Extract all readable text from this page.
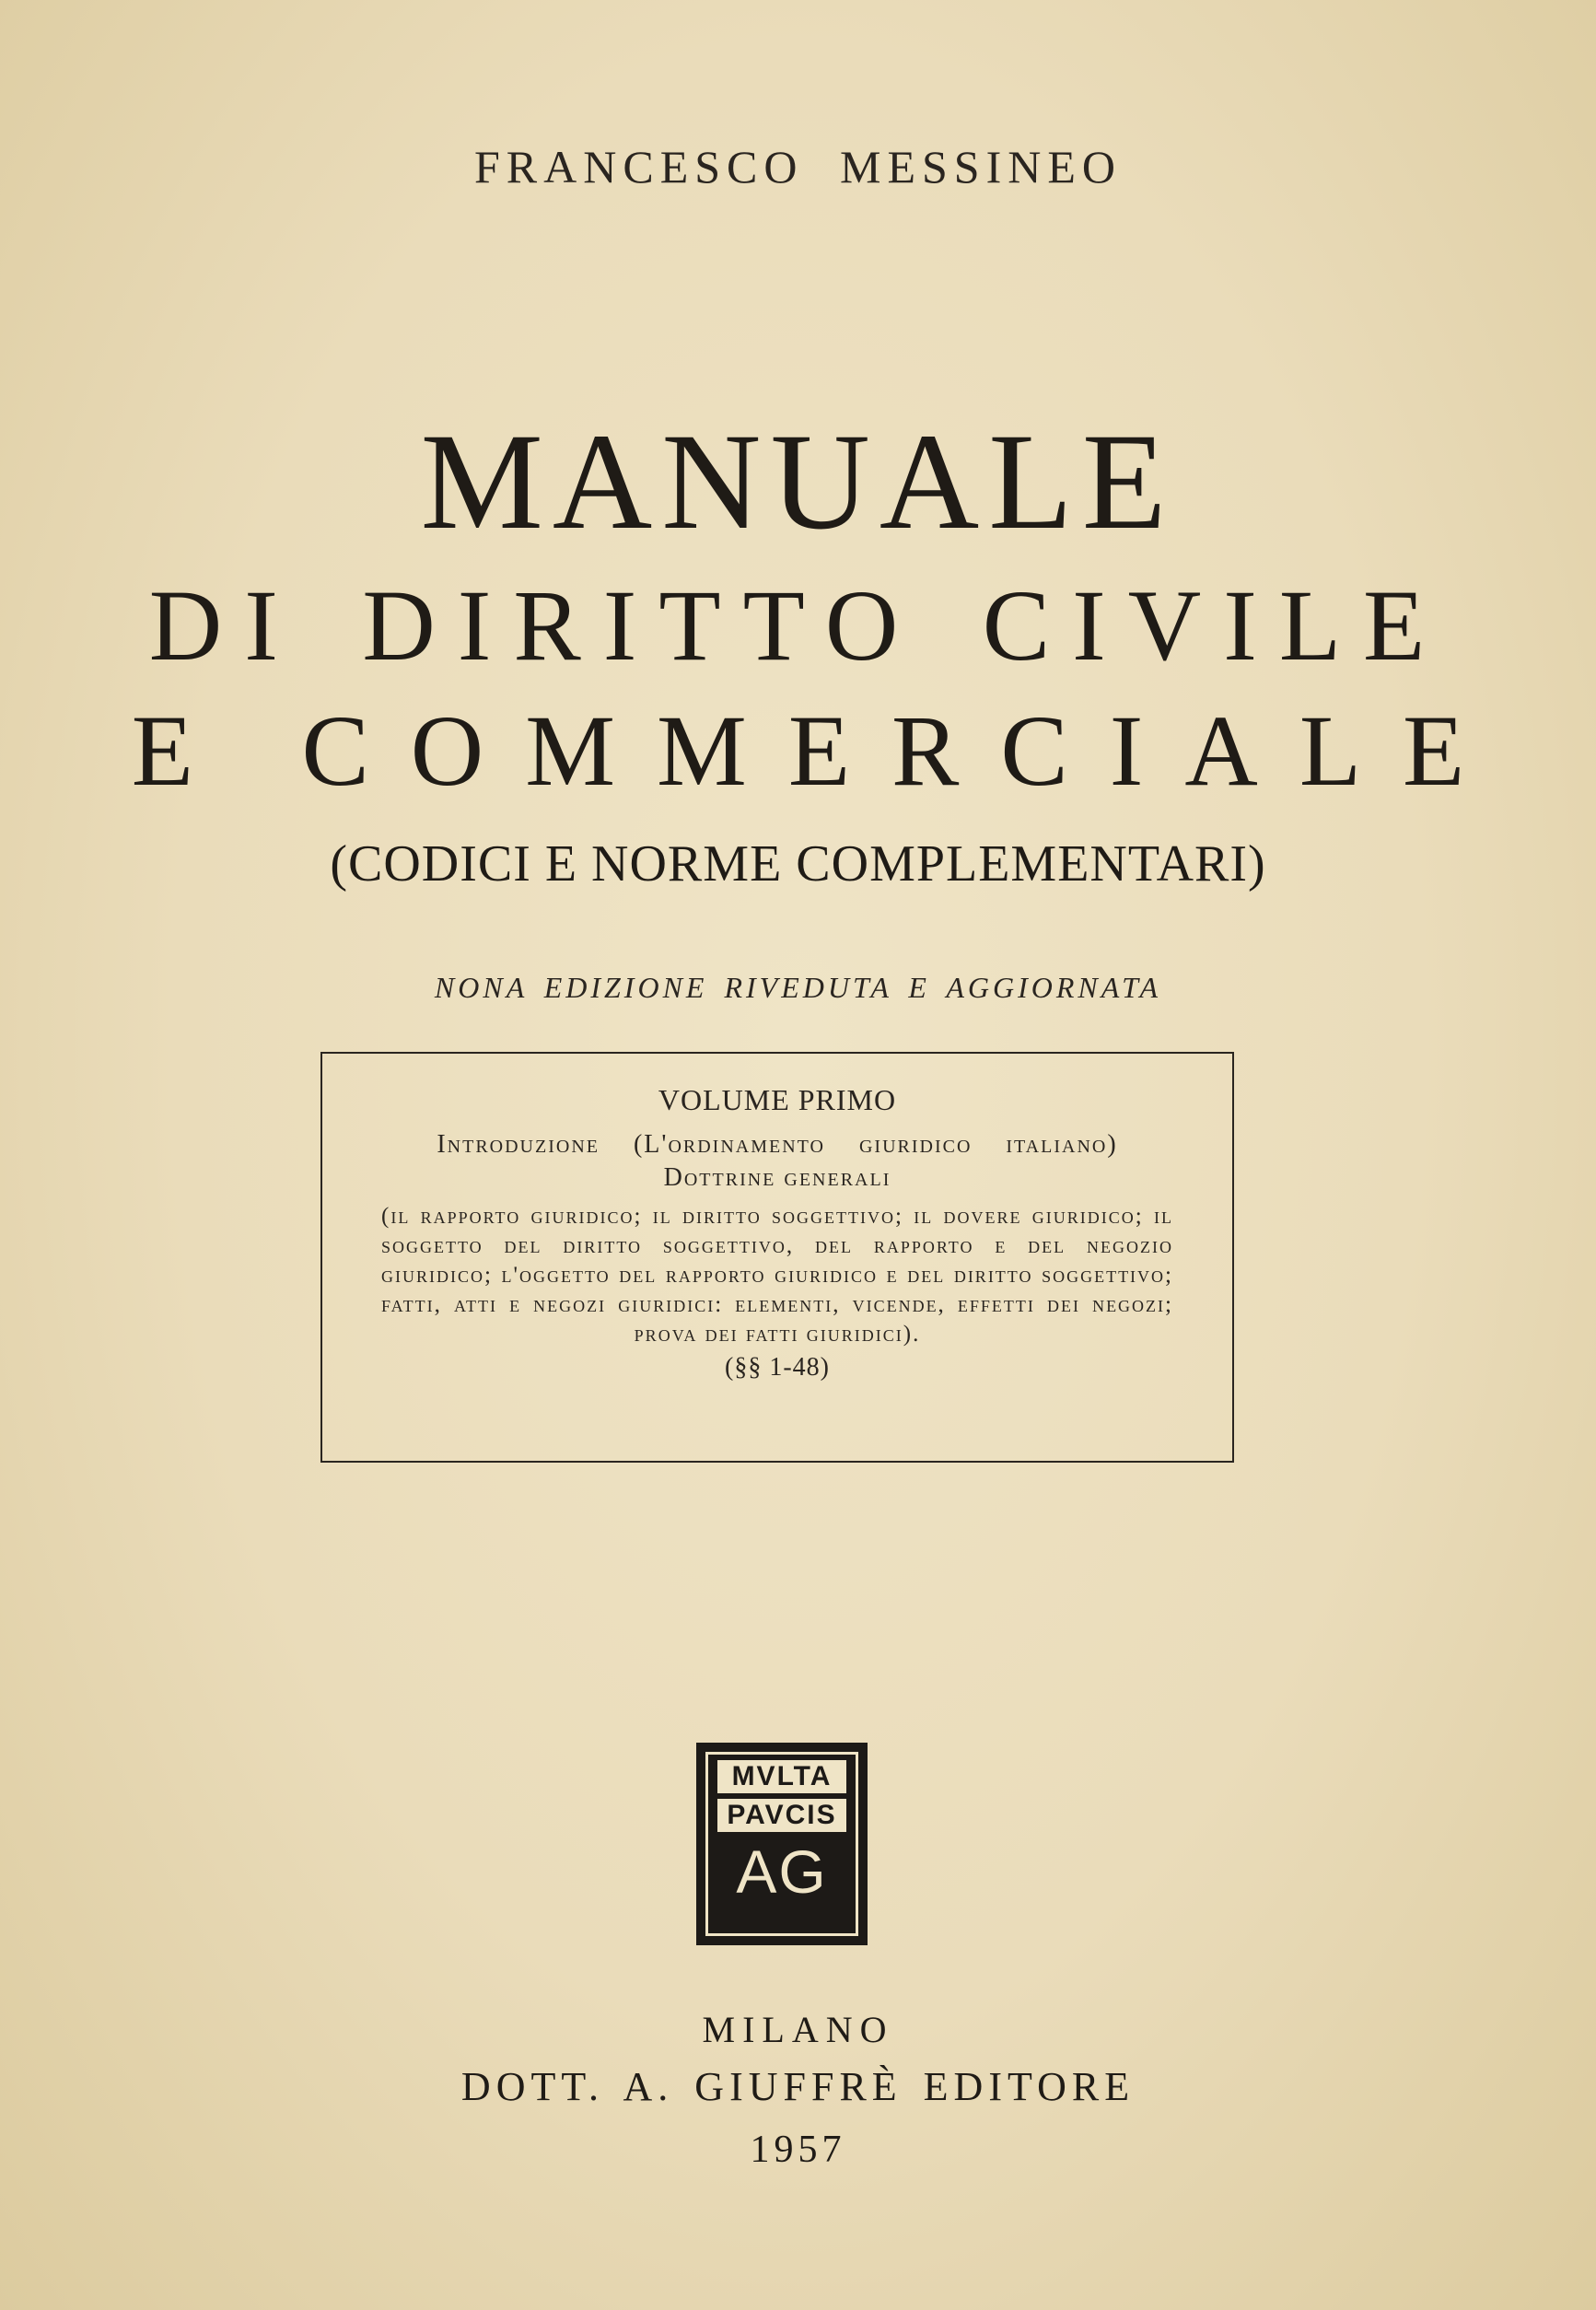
FRANCESCO MESSINEO
MANUALE
DI DIRITTO CIVILE
E COMMERCIALE
(CODICI E NORME COMPLEMENTARI)
NONA EDIZIONE RIVEDUTA E AGGIORNATA
VOLUME PRIMO
Introduzione (L'ordinamento giuridico italiano)
Dottrine generali
(il rapporto giuridico; il diritto soggettivo; il dovere giuridico; il soggetto del diritto soggettivo, del rapporto e del negozio giuridico; l'oggetto del rapporto giuridico e del diritto soggettivo; fatti, atti e negozi giuridici: elementi, vicende, effetti dei negozi; prova dei fatti giuridici).
(§§ 1-48)
MVLTA
PAVCIS
AG
MILANO
DOTT. A. GIUFFRÈ EDITORE
1957
